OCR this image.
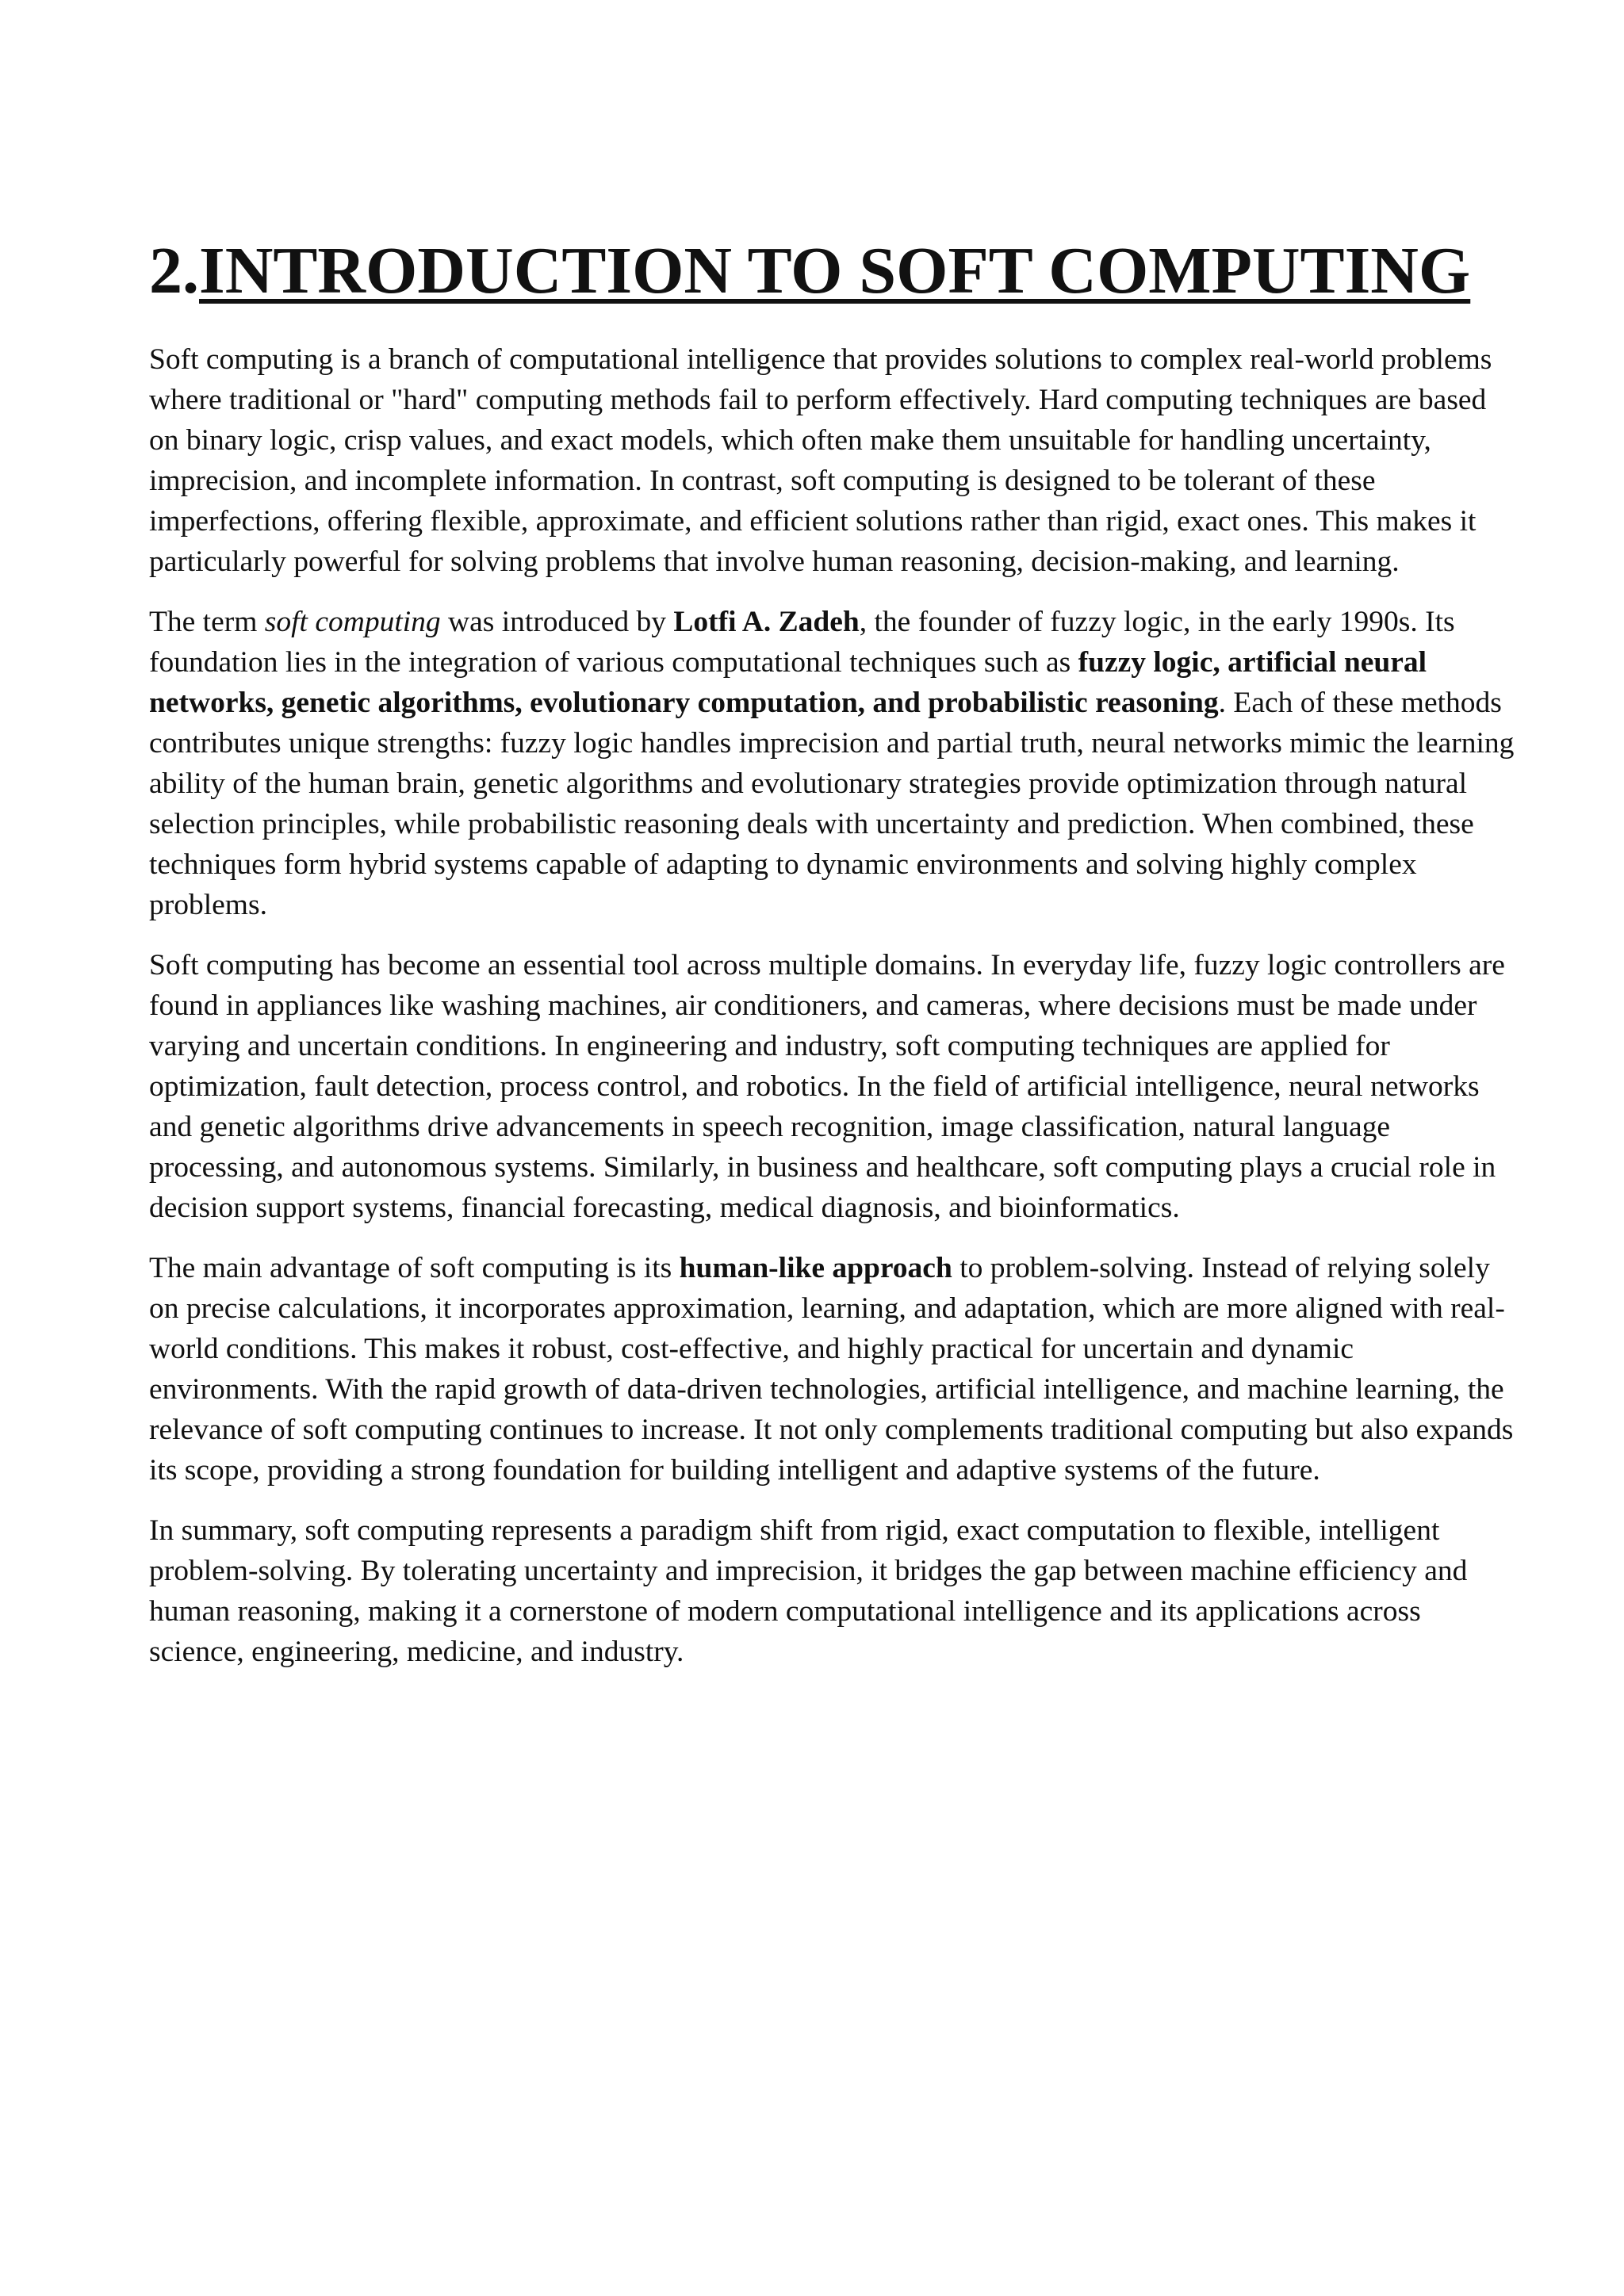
2.INTRODUCTION TO SOFT COMPUTING

Soft computing is a branch of computational intelligence that provides solutions to complex real-world problems where traditional or "hard" computing methods fail to perform effectively. Hard computing techniques are based on binary logic, crisp values, and exact models, which often make them unsuitable for handling uncertainty, imprecision, and incomplete information. In contrast, soft computing is designed to be tolerant of these imperfections, offering flexible, approximate, and efficient solutions rather than rigid, exact ones. This makes it particularly powerful for solving problems that involve human reasoning, decision-making, and learning.

The term soft computing was introduced by Lotfi A. Zadeh, the founder of fuzzy logic, in the early 1990s. Its foundation lies in the integration of various computational techniques such as fuzzy logic, artificial neural networks, genetic algorithms, evolutionary computation, and probabilistic reasoning. Each of these methods contributes unique strengths: fuzzy logic handles imprecision and partial truth, neural networks mimic the learning ability of the human brain, genetic algorithms and evolutionary strategies provide optimization through natural selection principles, while probabilistic reasoning deals with uncertainty and prediction. When combined, these techniques form hybrid systems capable of adapting to dynamic environments and solving highly complex problems.

Soft computing has become an essential tool across multiple domains. In everyday life, fuzzy logic controllers are found in appliances like washing machines, air conditioners, and cameras, where decisions must be made under varying and uncertain conditions. In engineering and industry, soft computing techniques are applied for optimization, fault detection, process control, and robotics. In the field of artificial intelligence, neural networks and genetic algorithms drive advancements in speech recognition, image classification, natural language processing, and autonomous systems. Similarly, in business and healthcare, soft computing plays a crucial role in decision support systems, financial forecasting, medical diagnosis, and bioinformatics.

The main advantage of soft computing is its human-like approach to problem-solving. Instead of relying solely on precise calculations, it incorporates approximation, learning, and adaptation, which are more aligned with real-world conditions. This makes it robust, cost-effective, and highly practical for uncertain and dynamic environments. With the rapid growth of data-driven technologies, artificial intelligence, and machine learning, the relevance of soft computing continues to increase. It not only complements traditional computing but also expands its scope, providing a strong foundation for building intelligent and adaptive systems of the future.

In summary, soft computing represents a paradigm shift from rigid, exact computation to flexible, intelligent problem-solving. By tolerating uncertainty and imprecision, it bridges the gap between machine efficiency and human reasoning, making it a cornerstone of modern computational intelligence and its applications across science, engineering, medicine, and industry.
